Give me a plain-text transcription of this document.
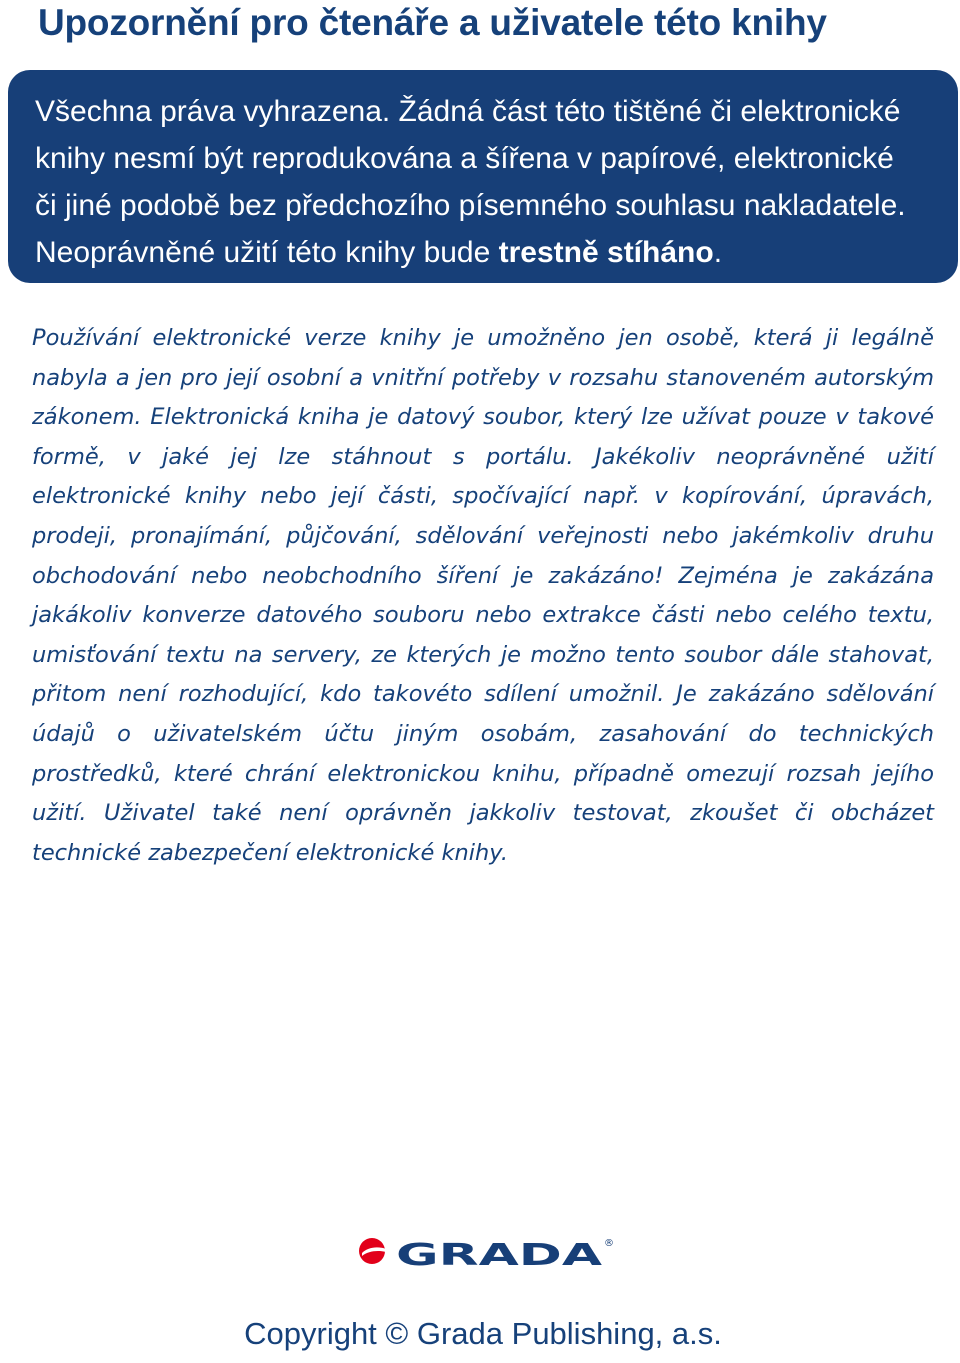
Upozornění pro čtenáře a uživatele této knihy
Všechna práva vyhrazena. Žádná část této tištěné či elektronické
knihy nesmí být reprodukována a šířena v papírové, elektronické
či jiné podobě bez předchozího písemného souhlasu nakladatele.
Neoprávněné užití této knihy bude trestně stíháno.

Používání elektronické verze knihy je umožněno jen osobě, která ji legálně nabyla a jen pro její osobní a vnitřní potřeby v rozsahu stanoveném autorským zákonem. Elektronická kniha je datový soubor, který lze užívat pouze v takové formě, v jaké jej lze stáhnout s portálu. Jakékoliv neoprávněné užití elektronické knihy nebo její části, spočívající např. v kopírování, úpravách, prodeji, pronajímání, půjčování, sdělování veřejnosti nebo jakémkoliv druhu obchodování nebo neobchodního šíření je zakázáno! Zejména je zakázána jakákoliv konverze datového souboru nebo extrakce části nebo celého textu, umisťování textu na servery, ze kterých je možno tento soubor dále stahovat, přitom není rozhodující, kdo takovéto sdílení umožnil. Je zakázáno sdělování údajů o uživatelském účtu jiným osobám, zasahování do technických prostředků, které chrání elektronickou knihu, případně omezují rozsah jejího užití. Uživatel také není oprávněn jakkoliv testovat, zkoušet či obcházet technické zabezpečení elektronické knihy.

GRADA ®
Copyright © Grada Publishing, a.s.
